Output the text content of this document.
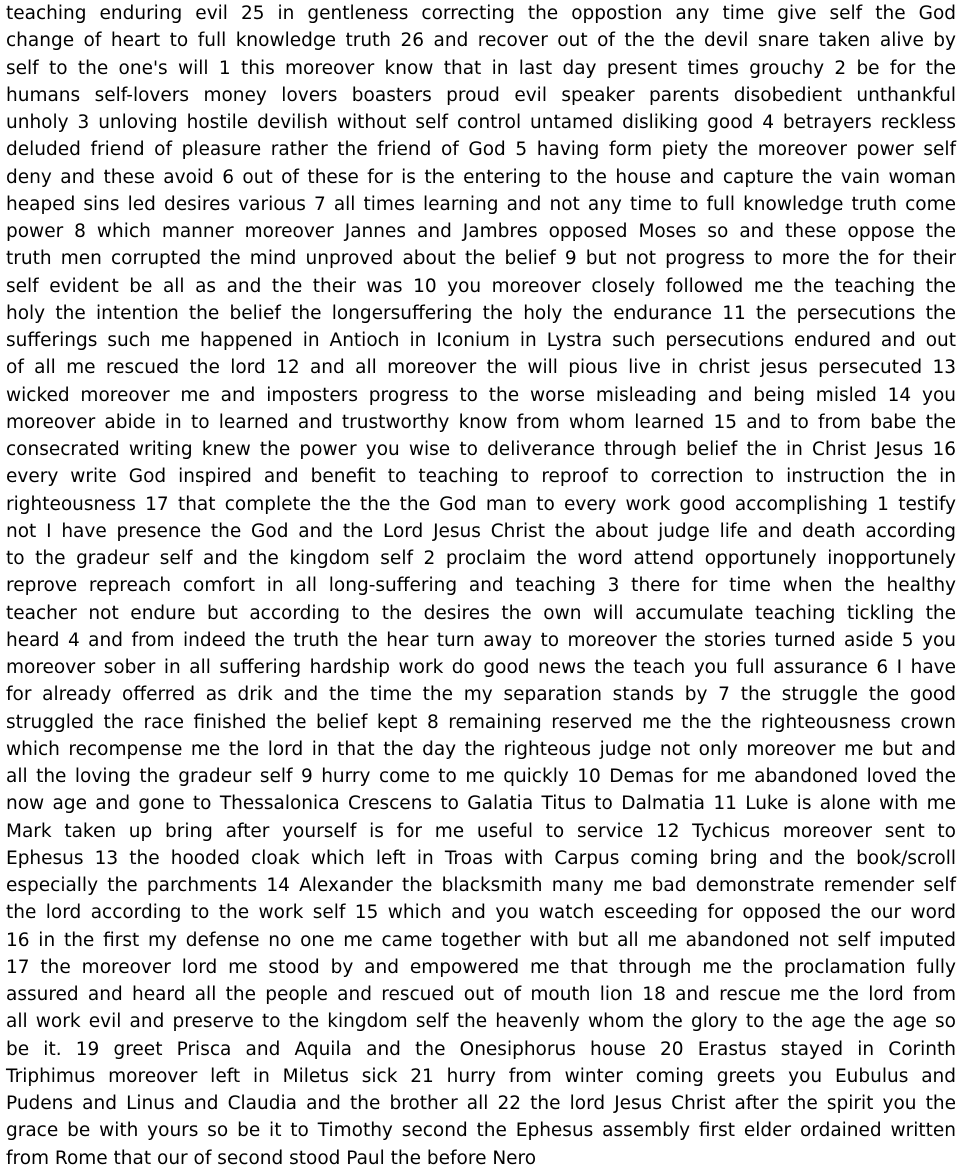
teaching enduring evil 25 in gentleness correcting the oppostion any time give self the God
change of heart to full knowledge truth 26 and recover out of the the devil snare taken alive by
self to the one's will 1 this moreover know that in last day present times grouchy 2 be for the
humans self-lovers money lovers boasters proud evil speaker parents disobedient unthankful
unholy 3 unloving hostile devilish without self control untamed disliking good 4 betrayers reckless
deluded friend of pleasure rather the friend of God 5 having form piety the moreover power self
deny and these avoid 6 out of these for is the entering to the house and capture the vain woman
heaped sins led desires various 7 all times learning and not any time to full knowledge truth come
power 8 which manner moreover Jannes and Jambres opposed Moses so and these oppose the
truth men corrupted the mind unproved about the belief 9 but not progress to more the for their
self evident be all as and the their was 10 you moreover closely followed me the teaching the
holy the intention the belief the longersuffering the holy the endurance 11 the persecutions the
sufferings such me happened in Antioch in Iconium in Lystra such persecutions endured and out
of all me rescued the lord 12 and all moreover the will pious live in christ jesus persecuted 13
wicked moreover me and imposters progress to the worse misleading and being misled 14 you
moreover abide in to learned and trustworthy know from whom learned 15 and to from babe the
consecrated writing knew the power you wise to deliverance through belief the in Christ Jesus 16
every write God inspired and benefit to teaching to reproof to correction to instruction the in
righteousness 17 that complete the the the God man to every work good accomplishing 1 testify
not I have presence the God and the Lord Jesus Christ the about judge life and death according
to the gradeur self and the kingdom self 2 proclaim the word attend opportunely inopportunely
reprove repreach comfort in all long-suffering and teaching 3 there for time when the healthy
teacher not endure but according to the desires the own will accumulate teaching tickling the
heard 4 and from indeed the truth the hear turn away to moreover the stories turned aside 5 you
moreover sober in all suffering hardship work do good news the teach you full assurance 6 I have
for already offerred as drik and the time the my separation stands by 7 the struggle the good
struggled the race finished the belief kept 8 remaining reserved me the the righteousness crown
which recompense me the lord in that the day the righteous judge not only moreover me but and
all the loving the gradeur self 9 hurry come to me quickly 10 Demas for me abandoned loved the
now age and gone to Thessalonica Crescens to Galatia Titus to Dalmatia 11 Luke is alone with me
Mark taken up bring after yourself is for me useful to service 12 Tychicus moreover sent to
Ephesus 13 the hooded cloak which left in Troas with Carpus coming bring and the book/scroll
especially the parchments 14 Alexander the blacksmith many me bad demonstrate remender self
the lord according to the work self 15 which and you watch esceeding for opposed the our word
16 in the first my defense no one me came together with but all me abandoned not self imputed
17 the moreover lord me stood by and empowered me that through me the proclamation fully
assured and heard all the people and rescued out of mouth lion 18 and rescue me the lord from
all work evil and preserve to the kingdom self the heavenly whom the glory to the age the age so
be it. 19 greet Prisca and Aquila and the Onesiphorus house 20 Erastus stayed in Corinth
Triphimus moreover left in Miletus sick 21 hurry from winter coming greets you Eubulus and
Pudens and Linus and Claudia and the brother all 22 the lord Jesus Christ after the spirit you the
grace be with yours so be it to Timothy second the Ephesus assembly first elder ordained written
from Rome that our of second stood Paul the before Nero
